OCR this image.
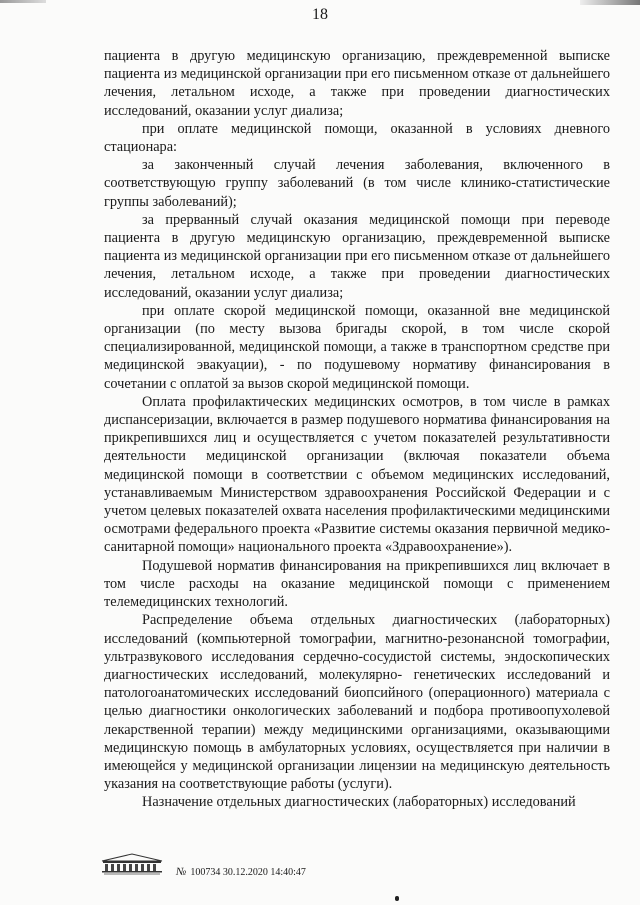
18

пациента в другую медицинскую организацию, преждевременной выписке пациента из медицинской организации при его письменном отказе от дальнейшего лечения, летальном исходе, а также при проведении диагностических исследований, оказании услуг диализа;

при оплате медицинской помощи, оказанной в условиях дневного стационара:

за законченный случай лечения заболевания, включенного в соответствующую группу заболеваний (в том числе клинико-статистические группы заболеваний);

за прерванный случай оказания медицинской помощи при переводе пациента в другую медицинскую организацию, преждевременной выписке пациента из медицинской организации при его письменном отказе от дальнейшего лечения, летальном исходе, а также при проведении диагностических исследований, оказании услуг диализа;

при оплате скорой медицинской помощи, оказанной вне медицинской организации (по месту вызова бригады скорой, в том числе скорой специализированной, медицинской помощи, а также в транспортном средстве при медицинской эвакуации), - по подушевому нормативу финансирования в сочетании с оплатой за вызов скорой медицинской помощи.

Оплата профилактических медицинских осмотров, в том числе в рамках диспансеризации, включается в размер подушевого норматива финансирования на прикрепившихся лиц и осуществляется с учетом показателей результативности деятельности медицинской организации (включая показатели объема медицинской помощи в соответствии с объемом медицинских исследований, устанавливаемым Министерством здравоохранения Российской Федерации и с учетом целевых показателей охвата населения профилактическими медицинскими осмотрами федерального проекта «Развитие системы оказания первичной медико-санитарной помощи» национального проекта «Здравоохранение»).

Подушевой норматив финансирования на прикрепившихся лиц включает в том числе расходы на оказание медицинской помощи с применением телемедицинских технологий.

Распределение объема отдельных диагностических (лабораторных) исследований (компьютерной томографии, магнитно-резонансной томографии, ультразвукового исследования сердечно-сосудистой системы, эндоскопических диагностических исследований, молекулярно- генетических исследований и патологоанатомических исследований биопсийного (операционного) материала с целью диагностики онкологических заболеваний и подбора противоопухолевой лекарственной терапии) между медицинскими организациями, оказывающими медицинскую помощь в амбулаторных условиях, осуществляется при наличии в имеющейся у медицинской организации лицензии на медицинскую деятельность указания на соответствующие работы (услуги).

Назначение отдельных диагностических (лабораторных) исследований

№ 100734 30.12.2020 14:40:47
